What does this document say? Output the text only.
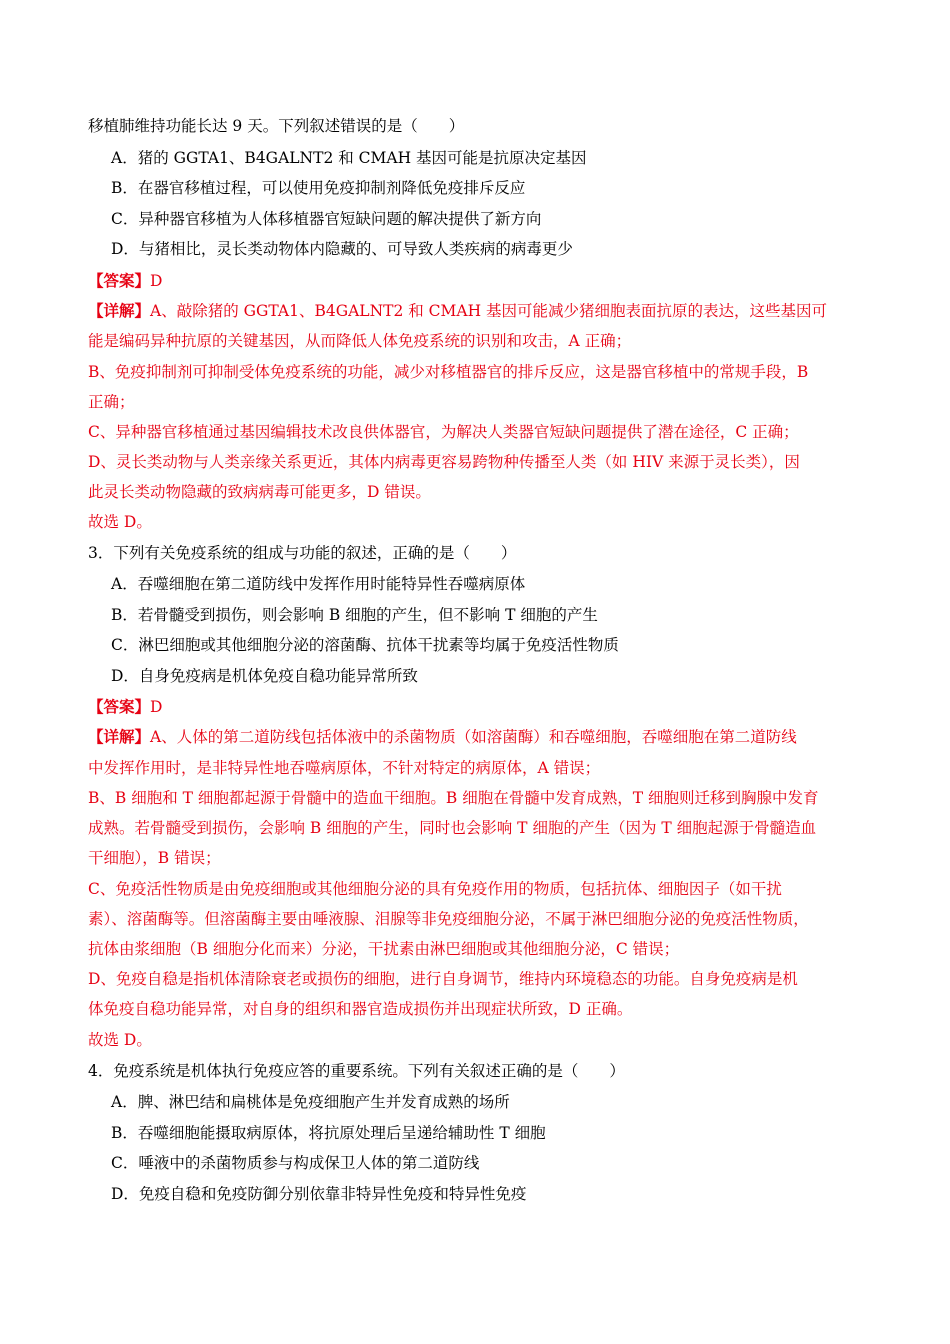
移植肺维持功能长达 9 天。下列叙述错误的是（　　）
A．猪的 GGTA1、B4GALNT2 和 CMAH 基因可能是抗原决定基因
B．在器官移植过程，可以使用免疫抑制剂降低免疫排斥反应
C．异种器官移植为人体移植器官短缺问题的解决提供了新方向
D．与猪相比，灵长类动物体内隐藏的、可导致人类疾病的病毒更少
【答案】D
【详解】A、敲除猪的 GGTA1、B4GALNT2 和 CMAH 基因可能减少猪细胞表面抗原的表达，这些基因可
能是编码异种抗原的关键基因，从而降低人体免疫系统的识别和攻击，A 正确；
B、免疫抑制剂可抑制受体免疫系统的功能，减少对移植器官的排斥反应，这是器官移植中的常规手段，B
正确；
C、异种器官移植通过基因编辑技术改良供体器官，为解决人类器官短缺问题提供了潜在途径，C 正确；
D、灵长类动物与人类亲缘关系更近，其体内病毒更容易跨物种传播至人类（如 HIV 来源于灵长类），因
此灵长类动物隐藏的致病病毒可能更多，D 错误。
故选 D。
3．下列有关免疫系统的组成与功能的叙述，正确的是（　　）
A．吞噬细胞在第二道防线中发挥作用时能特异性吞噬病原体
B．若骨髓受到损伤，则会影响 B 细胞的产生，但不影响 T 细胞的产生
C．淋巴细胞或其他细胞分泌的溶菌酶、抗体干扰素等均属于免疫活性物质
D．自身免疫病是机体免疫自稳功能异常所致
【答案】D
【详解】A、人体的第二道防线包括体液中的杀菌物质（如溶菌酶）和吞噬细胞，吞噬细胞在第二道防线
中发挥作用时，是非特异性地吞噬病原体，不针对特定的病原体，A 错误；
B、B 细胞和 T 细胞都起源于骨髓中的造血干细胞。B 细胞在骨髓中发育成熟，T 细胞则迁移到胸腺中发育
成熟。若骨髓受到损伤，会影响 B 细胞的产生，同时也会影响 T 细胞的产生（因为 T 细胞起源于骨髓造血
干细胞），B 错误；
C、免疫活性物质是由免疫细胞或其他细胞分泌的具有免疫作用的物质，包括抗体、细胞因子（如干扰
素）、溶菌酶等。但溶菌酶主要由唾液腺、泪腺等非免疫细胞分泌，不属于淋巴细胞分泌的免疫活性物质，
抗体由浆细胞（B 细胞分化而来）分泌，干扰素由淋巴细胞或其他细胞分泌，C 错误；
D、免疫自稳是指机体清除衰老或损伤的细胞，进行自身调节，维持内环境稳态的功能。自身免疫病是机
体免疫自稳功能异常，对自身的组织和器官造成损伤并出现症状所致，D 正确。
故选 D。
4．免疫系统是机体执行免疫应答的重要系统。下列有关叙述正确的是（　　）
A．脾、淋巴结和扁桃体是免疫细胞产生并发育成熟的场所
B．吞噬细胞能摄取病原体，将抗原处理后呈递给辅助性 T 细胞
C．唾液中的杀菌物质参与构成保卫人体的第二道防线
D．免疫自稳和免疫防御分别依靠非特异性免疫和特异性免疫
